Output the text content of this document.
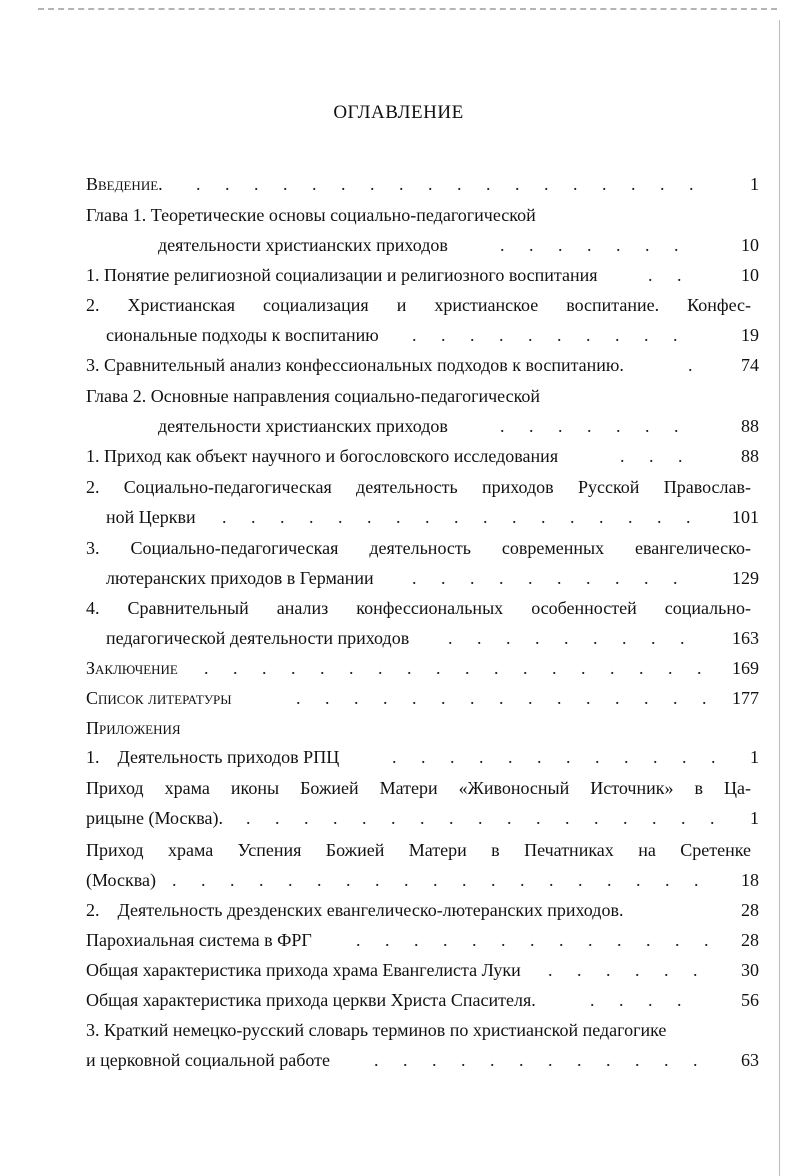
ОГЛАВЛЕНИЕ
Введение. . . .	1
Глава 1. Теоретические основы социально-педагогической
деятельности христианских приходов . . .	10
1. Понятие религиозной социализации и религиозного воспитания . . .	10
2. Христианская социализация и христианское воспитание. Конфес-
сиональные подходы к воспитанию . . .	19
3. Сравнительный анализ конфессиональных подходов к воспитанию. . . .	74
Глава 2. Основные направления социально-педагогической
деятельности христианских приходов . . .	88
1. Приход как объект научного и богословского исследования . . .	88
2. Социально-педагогическая деятельность приходов Русской Православ-
ной Церкви . . .	101
3. Социально-педагогическая деятельность современных евангелическо-
лютеранских приходов в Германии . . .	129
4. Сравнительный анализ конфессиональных особенностей социально-
педагогической деятельности приходов . . .	163
Заключение . . .	169
Список литературы . . .	177
Приложения
1.    Деятельность приходов РПЦ . . .	1
Приход храма иконы Божией Матери «Живоносный Источник» в Ца-
рицыне (Москва). . . .	1
Приход храма Успения Божией Матери в Печатниках на Сретенке
(Москва) . . .	18
2.    Деятельность дрезденских евангелическо-лютеранских приходов.	28
Парохиальная система в ФРГ . . .	28
Общая характеристика прихода храма Евангелиста Луки . . .	30
Общая характеристика прихода церкви Христа Спасителя. . . .	56
3. Краткий немецко-русский словарь терминов по христианской педагогике
и церковной социальной работе . . .	63
